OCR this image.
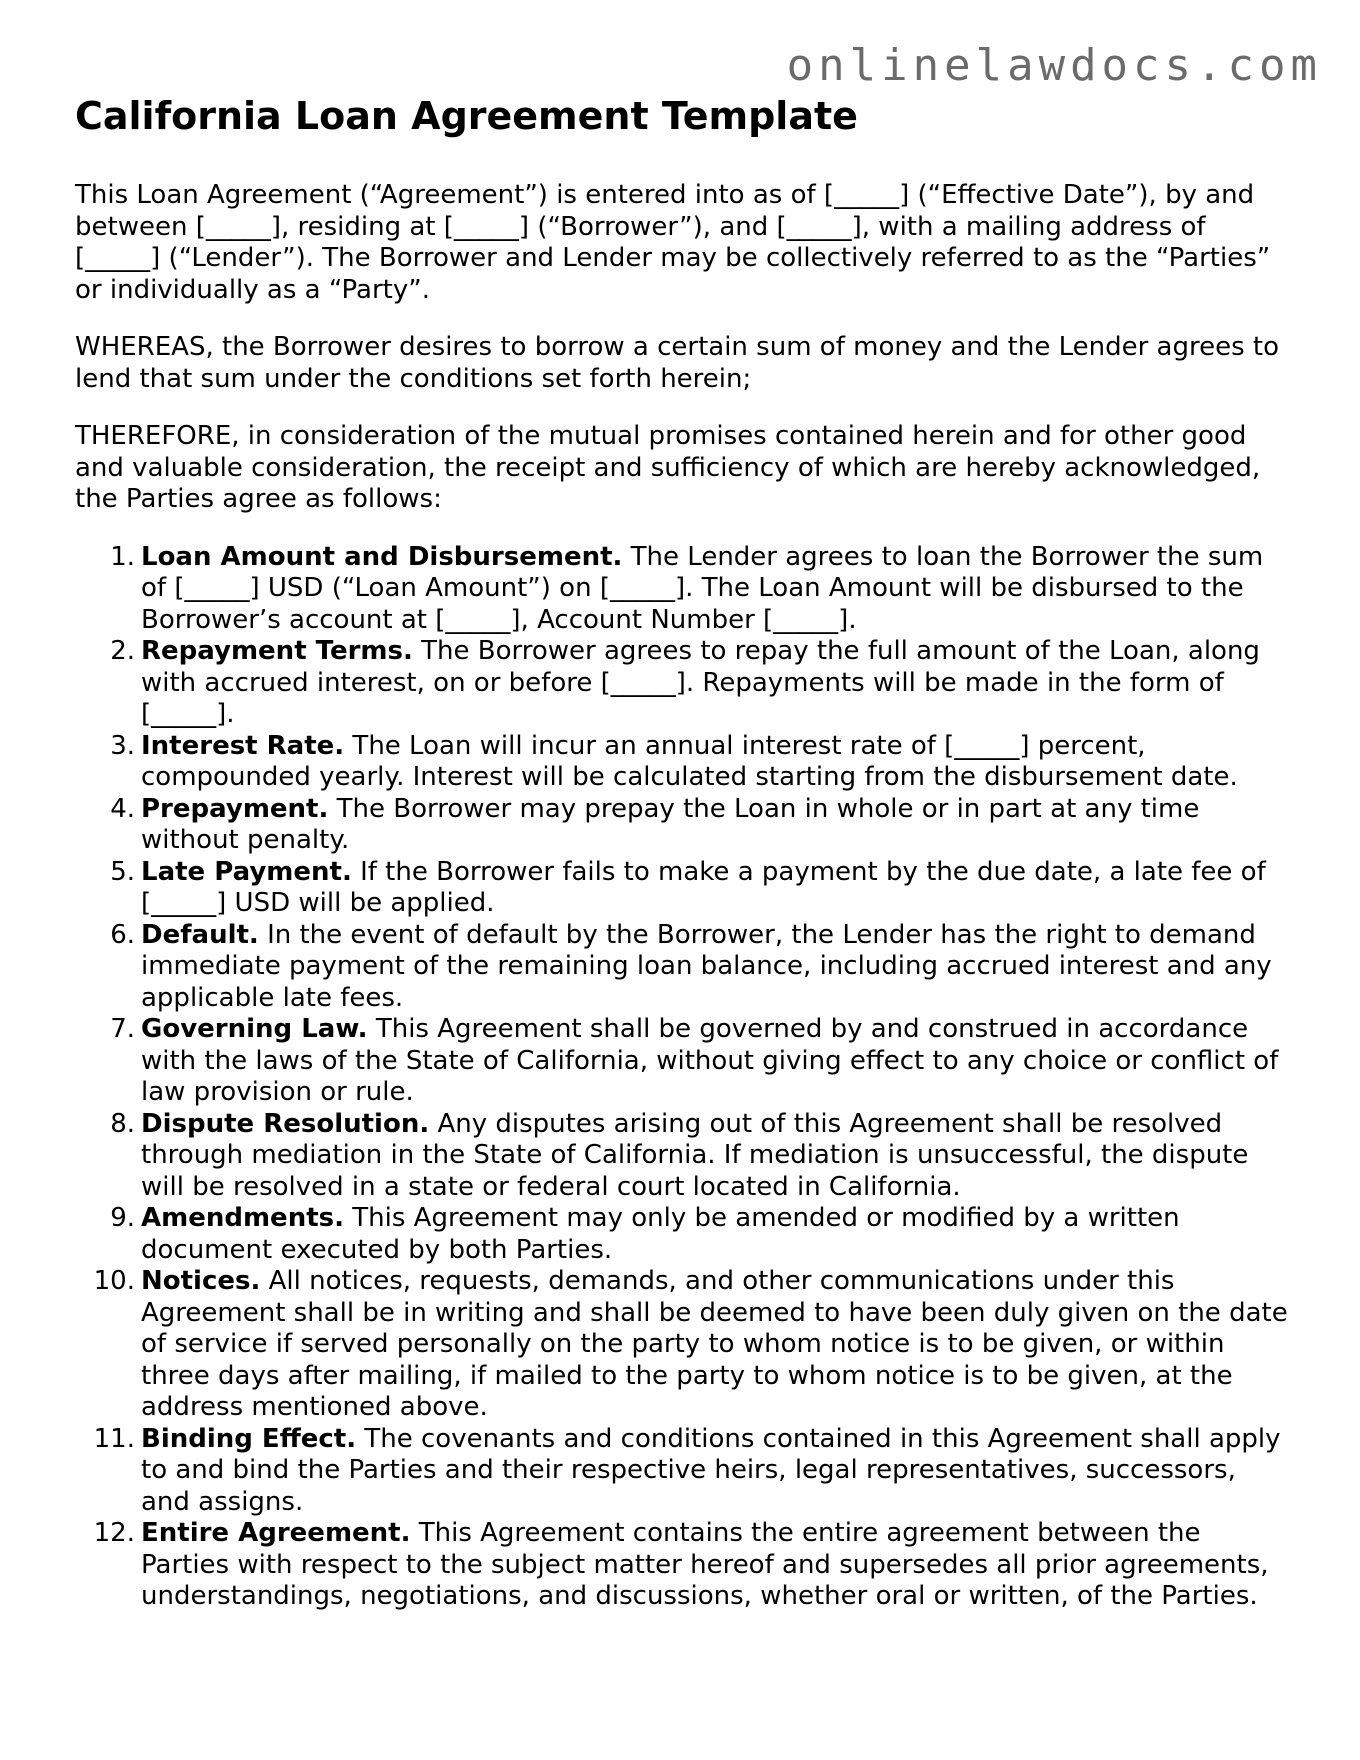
onlinelawdocs.com
California Loan Agreement Template

This Loan Agreement (“Agreement”) is entered into as of [_____] (“Effective Date”), by and between [_____], residing at [_____] (“Borrower”), and [_____], with a mailing address of [_____] (“Lender”). The Borrower and Lender may be collectively referred to as the “Parties” or individually as a “Party”.

WHEREAS, the Borrower desires to borrow a certain sum of money and the Lender agrees to lend that sum under the conditions set forth herein;

THEREFORE, in consideration of the mutual promises contained herein and for other good and valuable consideration, the receipt and sufficiency of which are hereby acknowledged, the Parties agree as follows:

1. Loan Amount and Disbursement. The Lender agrees to loan the Borrower the sum of [_____] USD (“Loan Amount”) on [_____]. The Loan Amount will be disbursed to the Borrower’s account at [_____], Account Number [_____].
2. Repayment Terms. The Borrower agrees to repay the full amount of the Loan, along with accrued interest, on or before [_____]. Repayments will be made in the form of [_____].
3. Interest Rate. The Loan will incur an annual interest rate of [_____] percent, compounded yearly. Interest will be calculated starting from the disbursement date.
4. Prepayment. The Borrower may prepay the Loan in whole or in part at any time without penalty.
5. Late Payment. If the Borrower fails to make a payment by the due date, a late fee of [_____] USD will be applied.
6. Default. In the event of default by the Borrower, the Lender has the right to demand immediate payment of the remaining loan balance, including accrued interest and any applicable late fees.
7. Governing Law. This Agreement shall be governed by and construed in accordance with the laws of the State of California, without giving effect to any choice or conflict of law provision or rule.
8. Dispute Resolution. Any disputes arising out of this Agreement shall be resolved through mediation in the State of California. If mediation is unsuccessful, the dispute will be resolved in a state or federal court located in California.
9. Amendments. This Agreement may only be amended or modified by a written document executed by both Parties.
10. Notices. All notices, requests, demands, and other communications under this Agreement shall be in writing and shall be deemed to have been duly given on the date of service if served personally on the party to whom notice is to be given, or within three days after mailing, if mailed to the party to whom notice is to be given, at the address mentioned above.
11. Binding Effect. The covenants and conditions contained in this Agreement shall apply to and bind the Parties and their respective heirs, legal representatives, successors, and assigns.
12. Entire Agreement. This Agreement contains the entire agreement between the Parties with respect to the subject matter hereof and supersedes all prior agreements, understandings, negotiations, and discussions, whether oral or written, of the Parties.
